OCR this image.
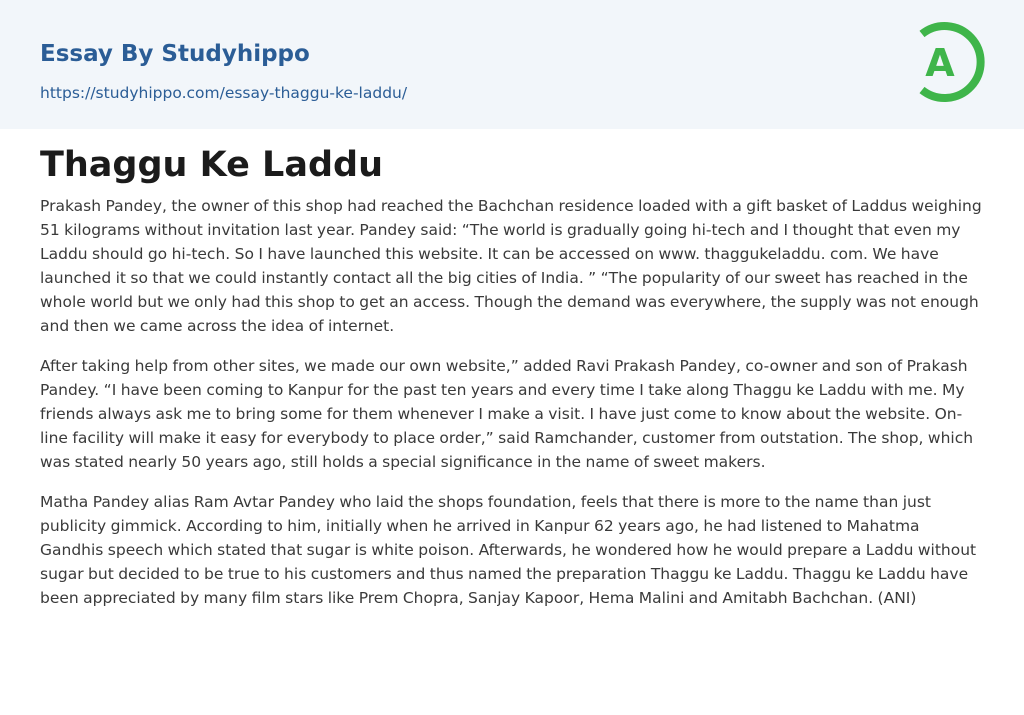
Essay By Studyhippo
https://studyhippo.com/essay-thaggu-ke-laddu/
A
Thaggu Ke Laddu

Prakash Pandey, the owner of this shop had reached the Bachchan residence loaded with a gift basket of Laddus weighing 51 kilograms without invitation last year. Pandey said: “The world is gradually going hi-tech and I thought that even my Laddu should go hi-tech. So I have launched this website. It can be accessed on www. thaggukeladdu. com. We have launched it so that we could instantly contact all the big cities of India. ” “The popularity of our sweet has reached in the whole world but we only had this shop to get an access. Though the demand was everywhere, the supply was not enough and then we came across the idea of internet.

After taking help from other sites, we made our own website,” added Ravi Prakash Pandey, co-owner and son of Prakash Pandey. “I have been coming to Kanpur for the past ten years and every time I take along Thaggu ke Laddu with me. My friends always ask me to bring some for them whenever I make a visit. I have just come to know about the website. On-line facility will make it easy for everybody to place order,” said Ramchander, customer from outstation. The shop, which was stated nearly 50 years ago, still holds a special significance in the name of sweet makers.

Matha Pandey alias Ram Avtar Pandey who laid the shops foundation, feels that there is more to the name than just publicity gimmick. According to him, initially when he arrived in Kanpur 62 years ago, he had listened to Mahatma Gandhis speech which stated that sugar is white poison. Afterwards, he wondered how he would prepare a Laddu without sugar but decided to be true to his customers and thus named the preparation Thaggu ke Laddu. Thaggu ke Laddu have been appreciated by many film stars like Prem Chopra, Sanjay Kapoor, Hema Malini and Amitabh Bachchan. (ANI)
